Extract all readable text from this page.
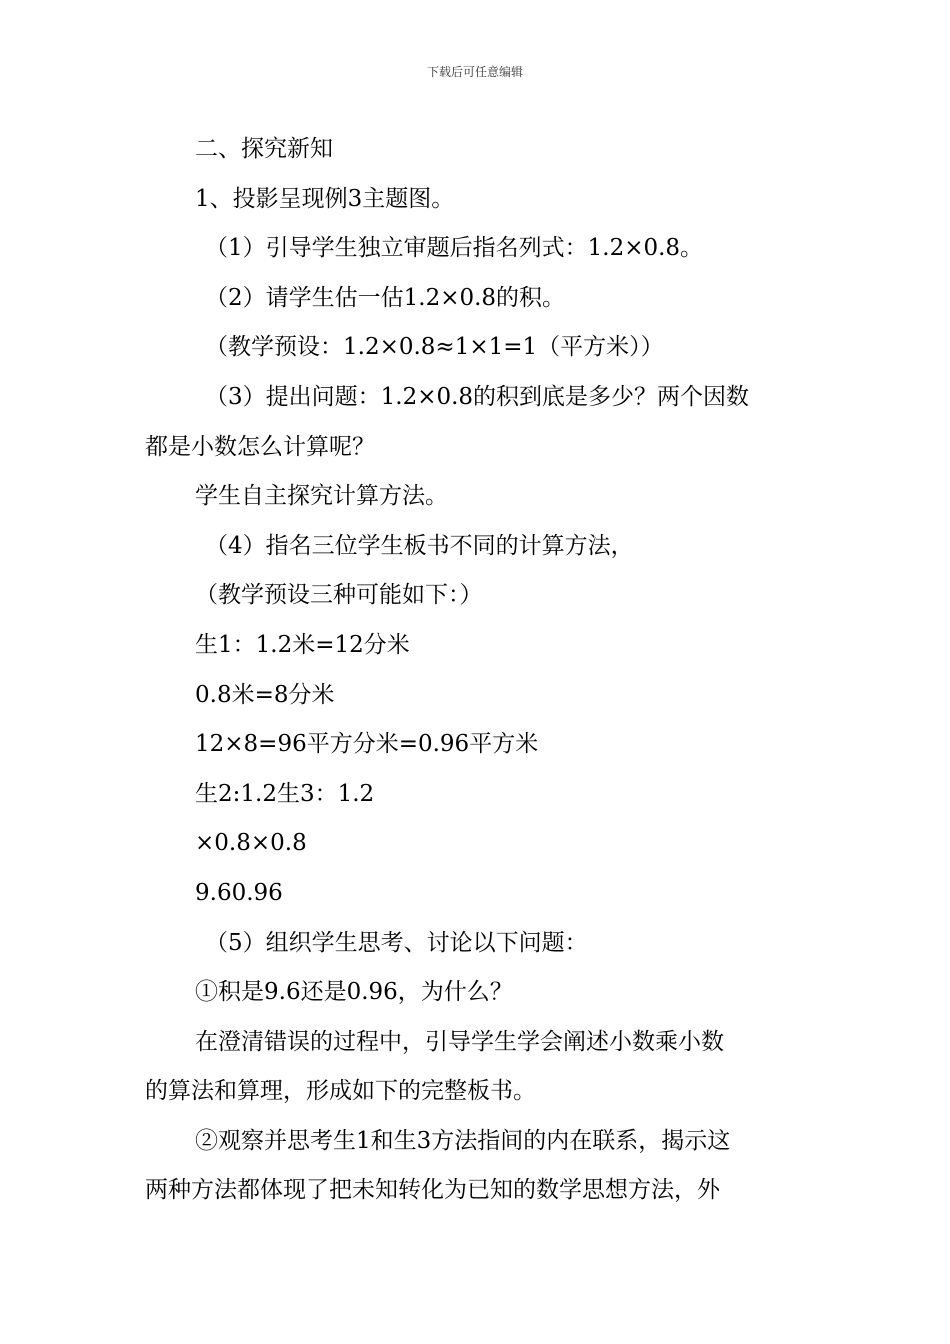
下载后可任意编辑
二、探究新知
1、投影呈现例3主题图。
（1）引导学生独立审题后指名列式：1.2×0.8。
（2）请学生估一估1.2×0.8的积。
（教学预设：1.2×0.8≈1×1=1（平方米））
（3）提出问题：1.2×0.8的积到底是多少？两个因数
都是小数怎么计算呢？
学生自主探究计算方法。
（4）指名三位学生板书不同的计算方法，
（教学预设三种可能如下：）
生1：1.2米=12分米
0.8米=8分米
12×8=96平方分米=0.96平方米
生2:1.2生3：1.2
×0.8×0.8
9.60.96
（5）组织学生思考、讨论以下问题：
①积是9.6还是0.96，为什么？
在澄清错误的过程中，引导学生学会阐述小数乘小数
的算法和算理，形成如下的完整板书。
②观察并思考生1和生3方法指间的内在联系，揭示这
两种方法都体现了把未知转化为已知的数学思想方法，外
